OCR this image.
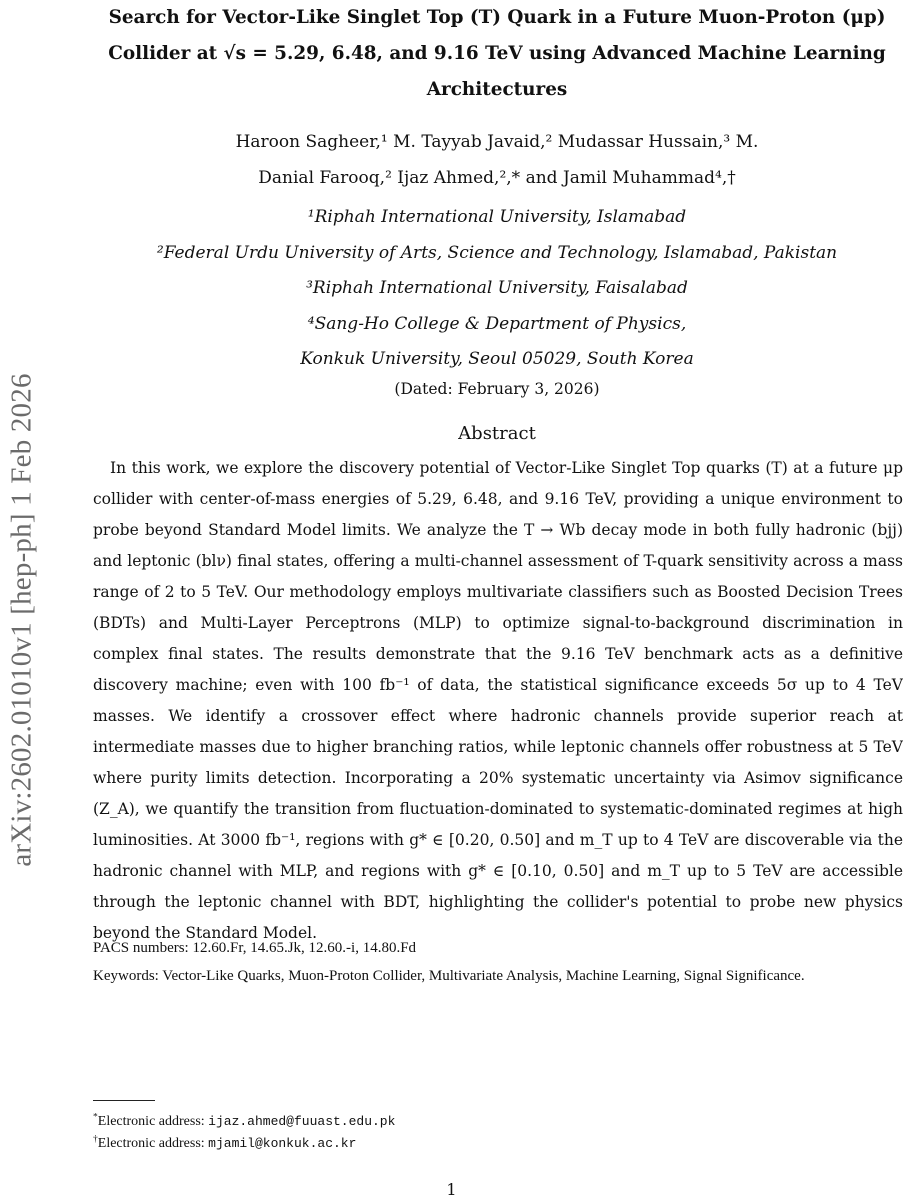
arXiv:2602.01010v1 [hep-ph] 1 Feb 2026
Search for Vector-Like Singlet Top (T) Quark in a Future Muon-Proton (μp)
Collider at √s = 5.29, 6.48, and 9.16 TeV using Advanced Machine Learning
Architectures
Haroon Sagheer,¹ M. Tayyab Javaid,² Mudassar Hussain,³ M.
Danial Farooq,² Ijaz Ahmed,²,* and Jamil Muhammad⁴,†
¹Riphah International University, Islamabad
²Federal Urdu University of Arts, Science and Technology, Islamabad, Pakistan
³Riphah International University, Faisalabad
⁴Sang-Ho College & Department of Physics,
Konkuk University, Seoul 05029, South Korea
(Dated: February 3, 2026)
Abstract
In this work, we explore the discovery potential of Vector-Like Singlet Top quarks (T) at a future μp collider with center-of-mass energies of 5.29, 6.48, and 9.16 TeV, providing a unique environment to probe beyond Standard Model limits. We analyze the T → Wb decay mode in both fully hadronic (bjj) and leptonic (blν) final states, offering a multi-channel assessment of T-quark sensitivity across a mass range of 2 to 5 TeV. Our methodology employs multivariate classifiers such as Boosted Decision Trees (BDTs) and Multi-Layer Perceptrons (MLP) to optimize signal-to-background discrimination in complex final states. The results demonstrate that the 9.16 TeV benchmark acts as a definitive discovery machine; even with 100 fb⁻¹ of data, the statistical significance exceeds 5σ up to 4 TeV masses. We identify a crossover effect where hadronic channels provide superior reach at intermediate masses due to higher branching ratios, while leptonic channels offer robustness at 5 TeV where purity limits detection. Incorporating a 20% systematic uncertainty via Asimov significance (Z_A), we quantify the transition from fluctuation-dominated to systematic-dominated regimes at high luminosities. At 3000 fb⁻¹, regions with g* ∈ [0.20, 0.50] and m_T up to 4 TeV are discoverable via the hadronic channel with MLP, and regions with g* ∈ [0.10, 0.50] and m_T up to 5 TeV are accessible through the leptonic channel with BDT, highlighting the collider's potential to probe new physics beyond the Standard Model.
PACS numbers: 12.60.Fr, 14.65.Jk, 12.60.-i, 14.80.Fd
Keywords: Vector-Like Quarks, Muon-Proton Collider, Multivariate Analysis, Machine Learning, Signal Significance.
*Electronic address: ijaz.ahmed@fuuast.edu.pk
†Electronic address: mjamil@konkuk.ac.kr
1
